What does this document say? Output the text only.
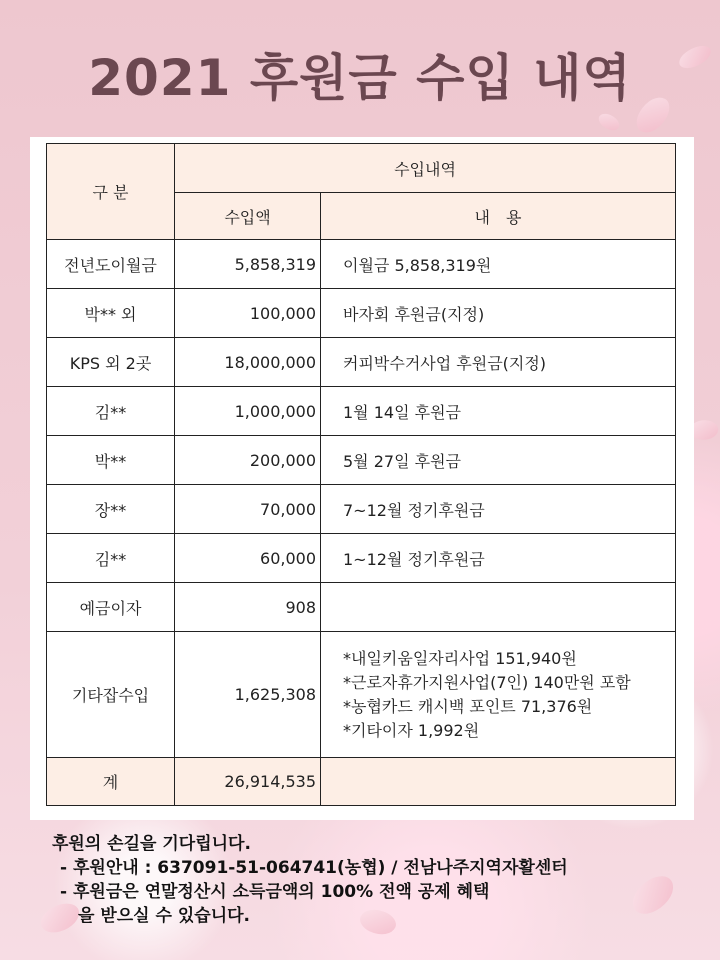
2021 후원금 수입 내역
구 분	수입내역	
	수입액	내　용
전년도이월금	5,858,319	이월금 5,858,319원
박** 외	100,000	바자회 후원금(지정)
KPS 외 2곳	18,000,000	커피박수거사업 후원금(지정)
김**	1,000,000	1월 14일 후원금
박**	200,000	5월 27일 후원금
장**	70,000	7~12월 정기후원금
김**	60,000	1~12월 정기후원금
예금이자	908	
기타잡수입	1,625,308	*내일키움일자리사업 151,940원
*근로자휴가지원사업(7인) 140만원 포함
*농협카드 캐시백 포인트 71,376원
*기타이자 1,992원

계	26,914,535	
후원의 손길을 기다립니다.
- 후원안내 : 637091-51-064741(농협) / 전남나주지역자활센터
- 후원금은 연말정산시 소득금액의 100% 전액 공제 혜택
을 받으실 수 있습니다.
